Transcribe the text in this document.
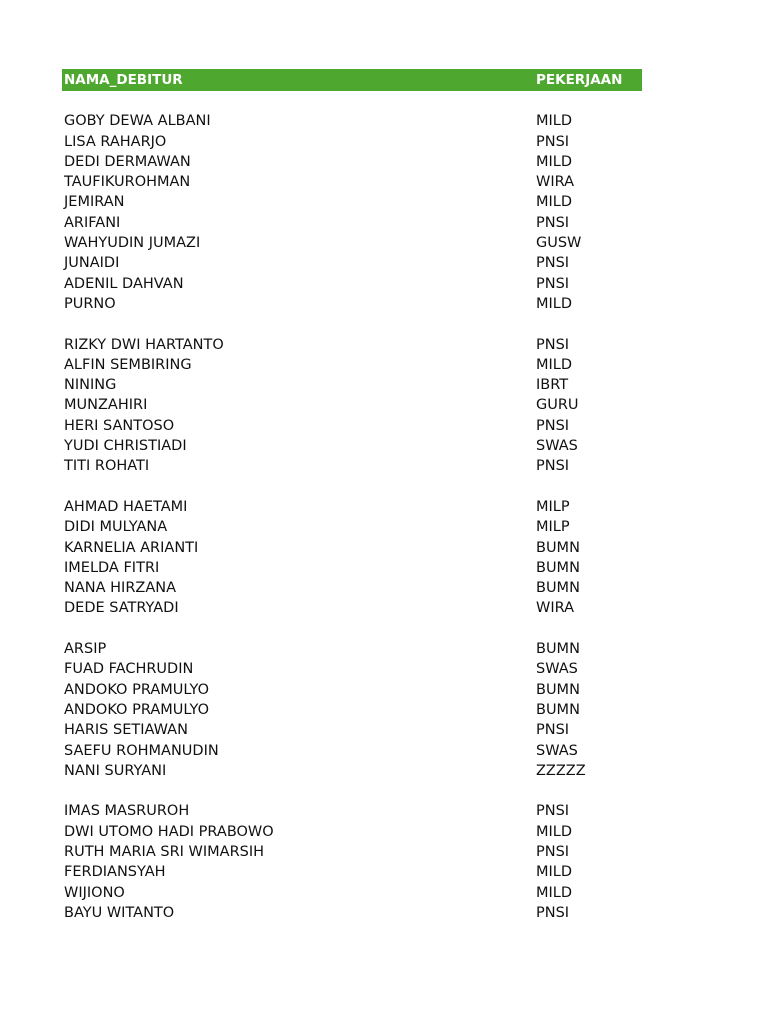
NAMA_DEBITUR	PEKERJAAN
GOBY DEWA ALBANI	MILD
LISA RAHARJO	PNSI
DEDI DERMAWAN	MILD
TAUFIKUROHMAN	WIRA
JEMIRAN	MILD
ARIFANI	PNSI
WAHYUDIN JUMAZI	GUSW
JUNAIDI	PNSI
ADENIL DAHVAN	PNSI
PURNO	MILD
RIZKY DWI HARTANTO	PNSI
ALFIN SEMBIRING	MILD
NINING	IBRT
MUNZAHIRI	GURU
HERI SANTOSO	PNSI
YUDI CHRISTIADI	SWAS
TITI ROHATI	PNSI
AHMAD HAETAMI	MILP
DIDI MULYANA	MILP
KARNELIA ARIANTI	BUMN
IMELDA FITRI	BUMN
NANA HIRZANA	BUMN
DEDE SATRYADI	WIRA
ARSIP	BUMN
FUAD FACHRUDIN	SWAS
ANDOKO PRAMULYO	BUMN
ANDOKO PRAMULYO	BUMN
HARIS SETIAWAN	PNSI
SAEFU ROHMANUDIN	SWAS
NANI SURYANI	ZZZZZ
IMAS MASRUROH	PNSI
DWI UTOMO HADI PRABOWO	MILD
RUTH MARIA SRI WIMARSIH	PNSI
FERDIANSYAH	MILD
WIJIONO	MILD
BAYU WITANTO	PNSI
